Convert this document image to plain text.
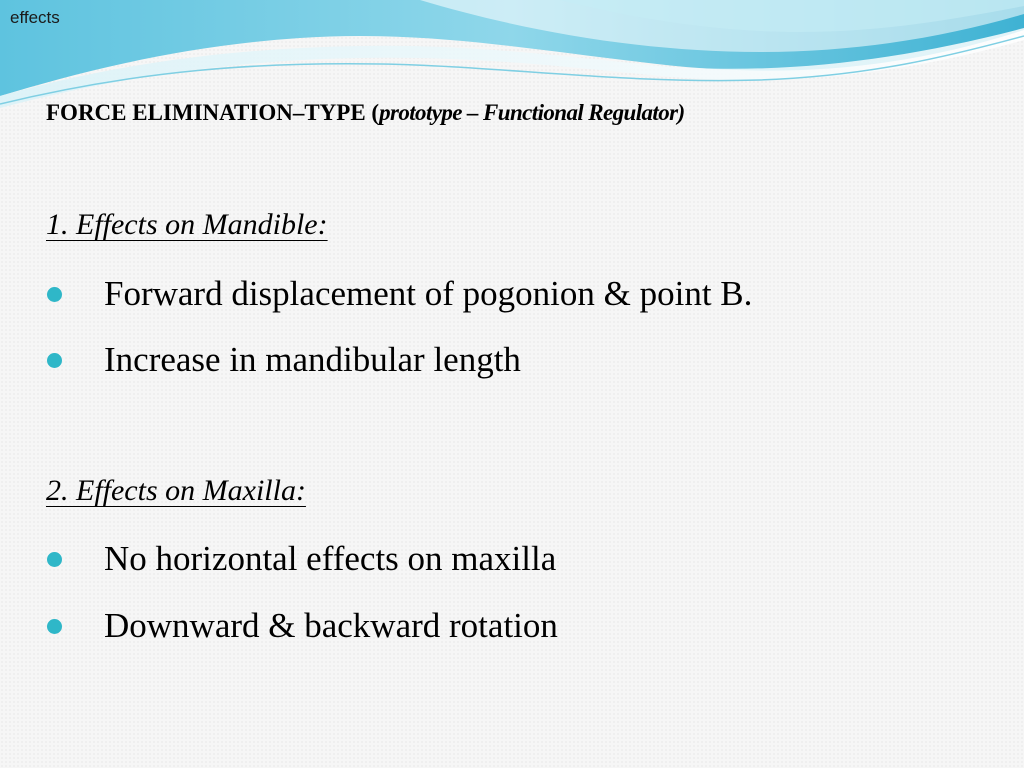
effects
FORCE ELIMINATION–TYPE (prototype – Functional Regulator)
1. Effects on Mandible:
Forward displacement of pogonion & point B.
Increase in mandibular length
2. Effects on Maxilla:
No horizontal effects on maxilla
Downward & backward rotation
